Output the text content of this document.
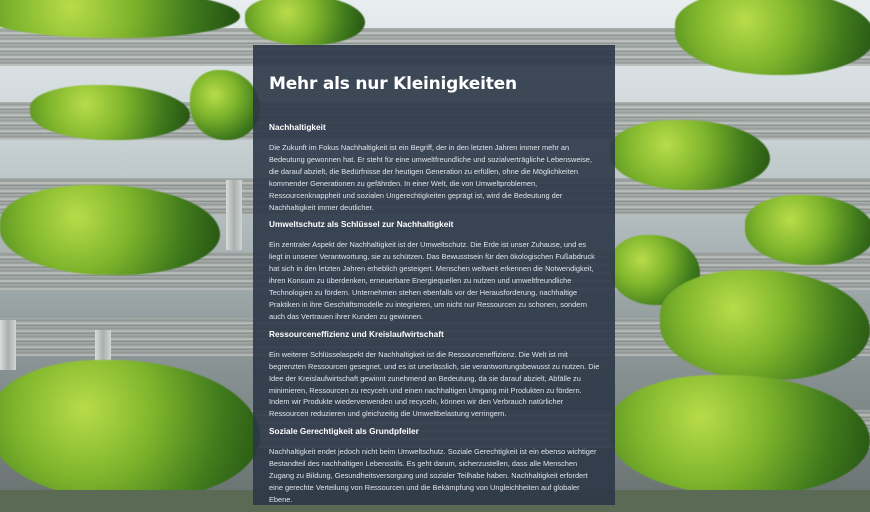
Mehr als nur Kleinigkeiten
Nachhaltigkeit

Die Zukunft im Fokus Nachhaltigkeit ist ein Begriff, der in den letzten Jahren immer mehr an Bedeutung gewonnen hat. Er steht für eine umweltfreundliche und sozialverträgliche Lebensweise, die darauf abzielt, die Bedürfnisse der heutigen Generation zu erfüllen, ohne die Möglichkeiten kommender Generationen zu gefährden. In einer Welt, die von Umweltproblemen, Ressourcenknappheit und sozialen Ungerechtigkeiten geprägt ist, wird die Bedeutung der Nachhaltigkeit immer deutlicher.

Umweltschutz als Schlüssel zur Nachhaltigkeit

Ein zentraler Aspekt der Nachhaltigkeit ist der Umweltschutz. Die Erde ist unser Zuhause, und es liegt in unserer Verantwortung, sie zu schützen. Das Bewusstsein für den ökologischen Fußabdruck hat sich in den letzten Jahren erheblich gesteigert. Menschen weltweit erkennen die Notwendigkeit, ihren Konsum zu überdenken, erneuerbare Energiequellen zu nutzen und umweltfreundliche Technologien zu fördern. Unternehmen stehen ebenfalls vor der Herausforderung, nachhaltige Praktiken in ihre Geschäftsmodelle zu integrieren, um nicht nur Ressourcen zu schonen, sondern auch das Vertrauen ihrer Kunden zu gewinnen.

Ressourceneffizienz und Kreislaufwirtschaft

Ein weiterer Schlüsselaspekt der Nachhaltigkeit ist die Ressourceneffizienz. Die Welt ist mit begrenzten Ressourcen gesegnet, und es ist unerlässlich, sie verantwortungsbewusst zu nutzen. Die Idee der Kreislaufwirtschaft gewinnt zunehmend an Bedeutung, da sie darauf abzielt, Abfälle zu minimieren, Ressourcen zu recyceln und einen nachhaltigen Umgang mit Produkten zu fördern. Indem wir Produkte wiederverwenden und recyceln, können wir den Verbrauch natürlicher Ressourcen reduzieren und gleichzeitig die Umweltbelastung verringern.

Soziale Gerechtigkeit als Grundpfeiler

Nachhaltigkeit endet jedoch nicht beim Umweltschutz. Soziale Gerechtigkeit ist ein ebenso wichtiger Bestandteil des nachhaltigen Lebensstils. Es geht darum, sicherzustellen, dass alle Menschen Zugang zu Bildung, Gesundheitsversorgung und sozialer Teilhabe haben. Nachhaltigkeit erfordert eine gerechte Verteilung von Ressourcen und die Bekämpfung von Ungleichheiten auf globaler Ebene.
